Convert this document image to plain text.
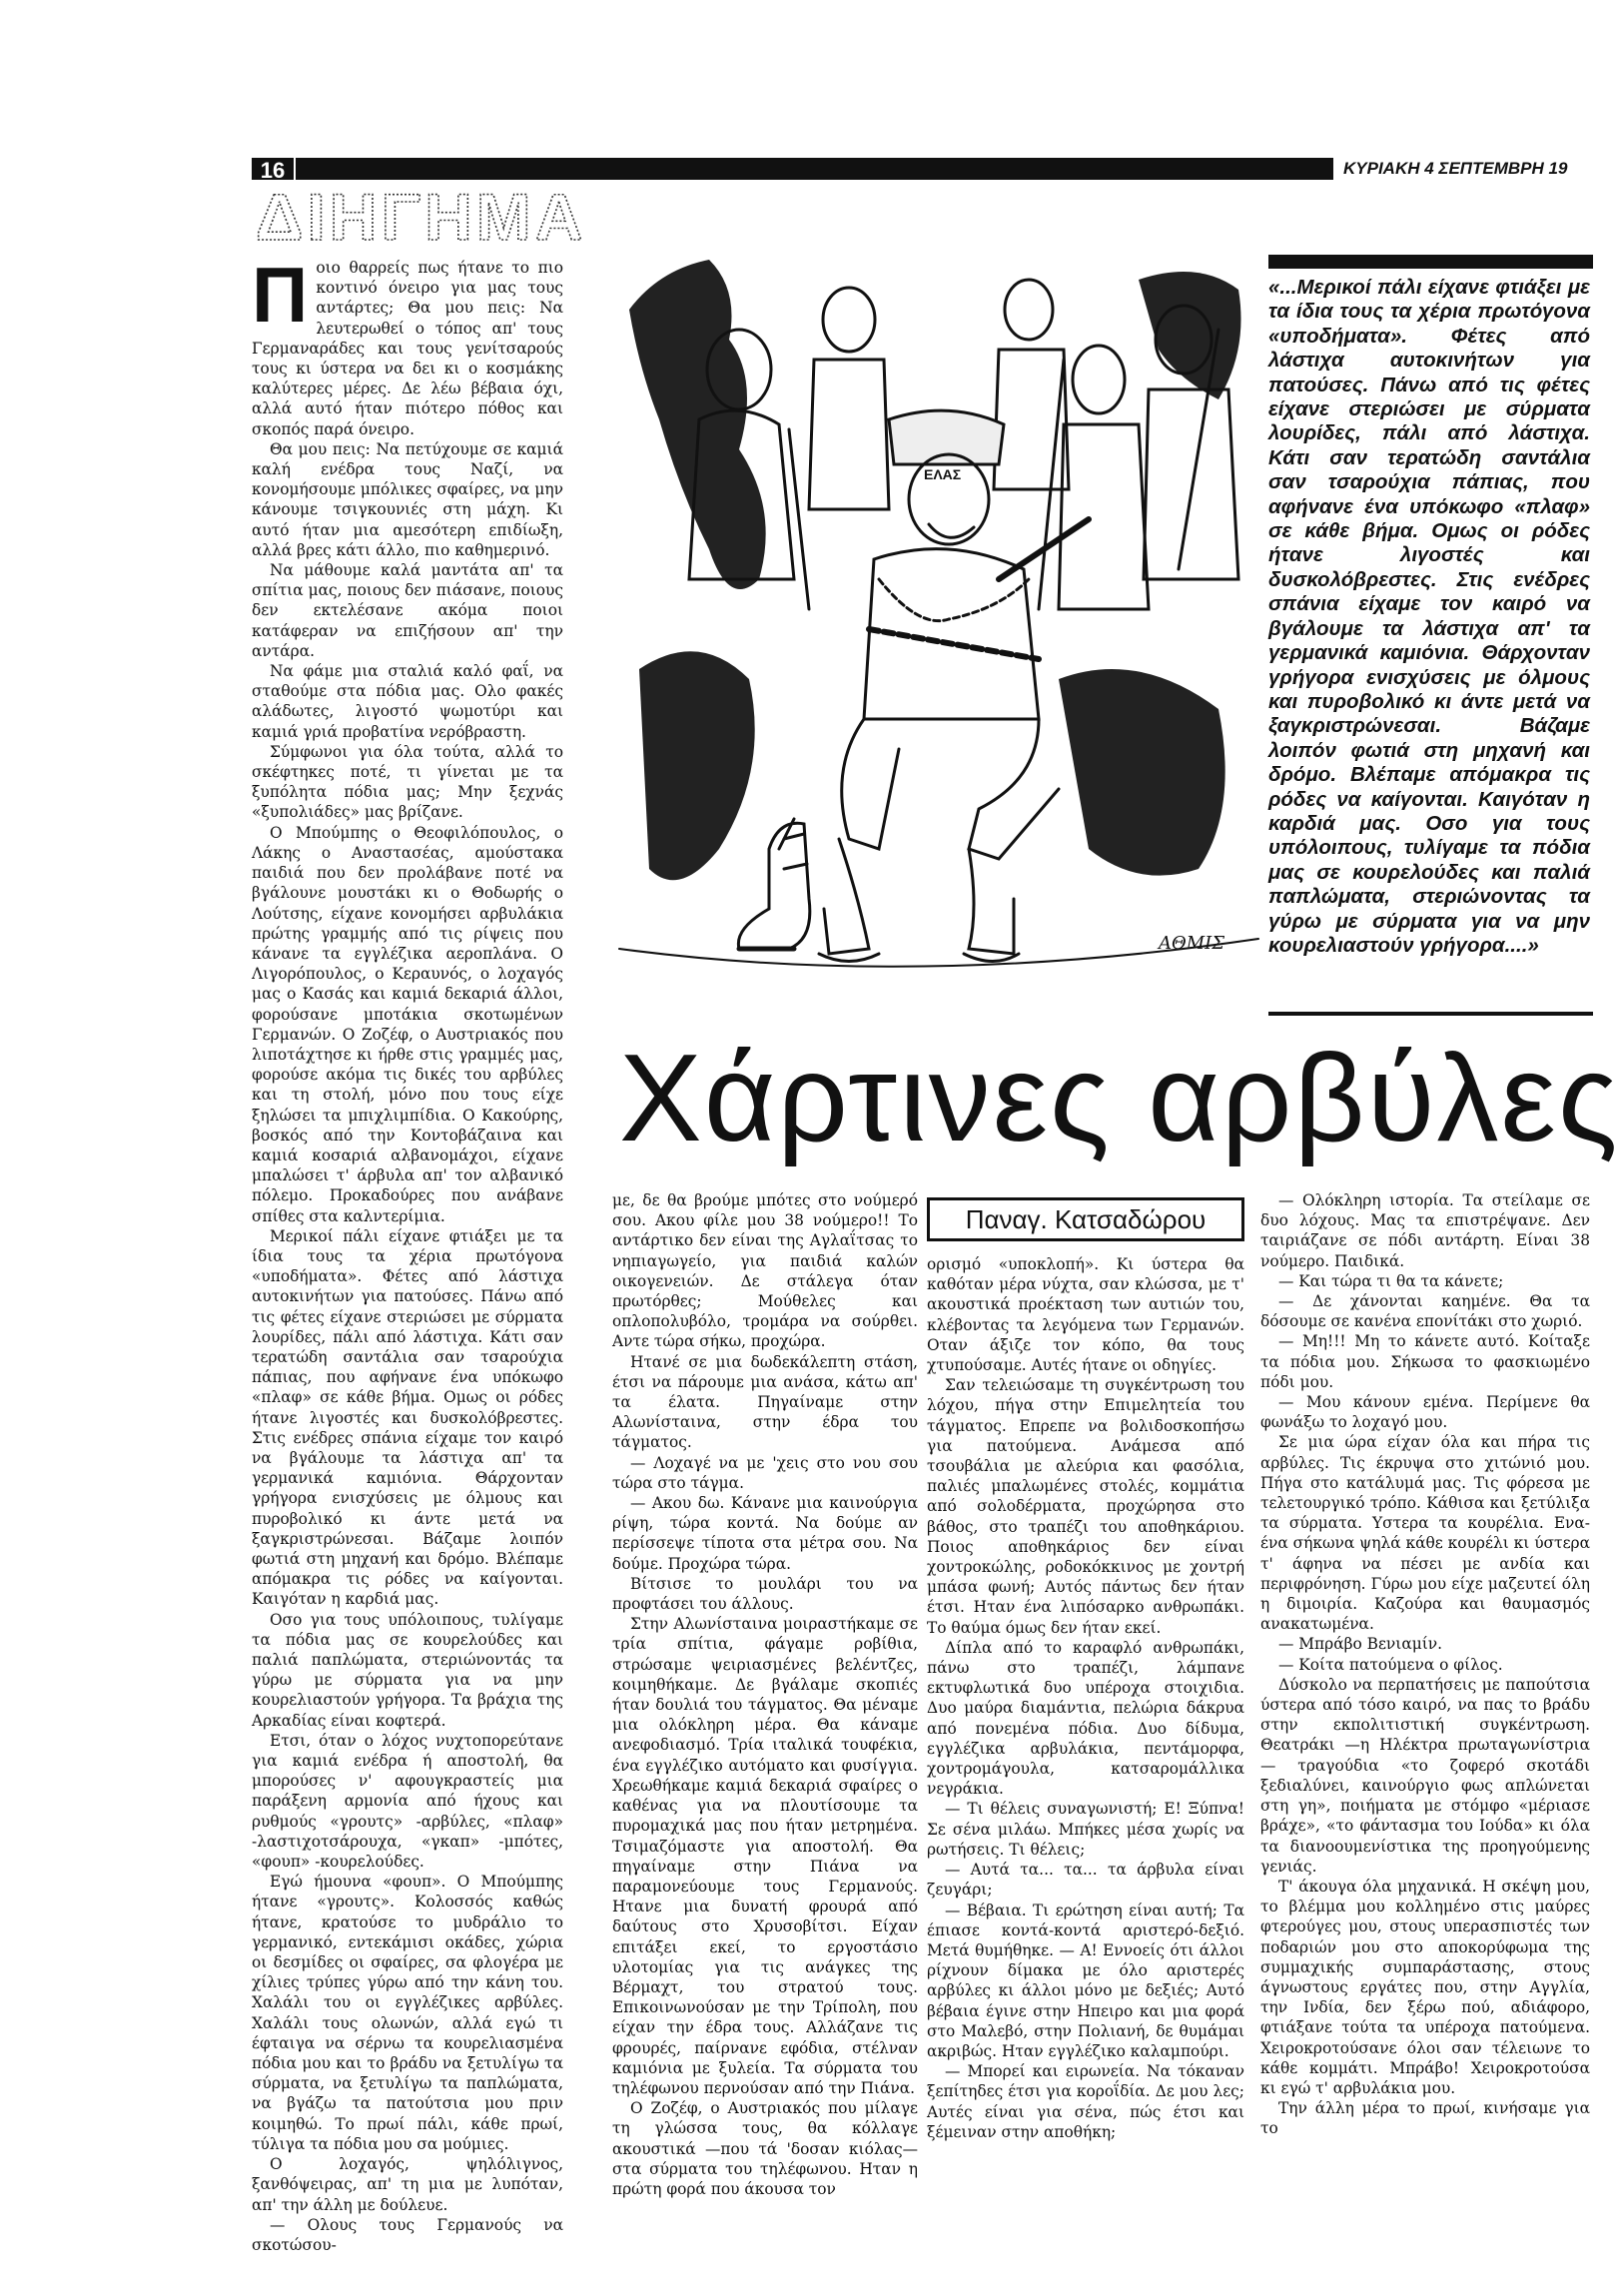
16	ΚΥΡΙΑΚΗ 4 ΣΕΠΤΕΜΒΡΗ 19
ΔΙΗΓΗΜΑ
Π οιο θαρρείς πως ήτανε το πιο κοντινό όνειρο για μας τους αντάρτες; Θα μου πεις: Να λευτερωθεί ο τόπος απ' τους Γερμαναράδες και τους γενίτσαρούς τους κι ύστερα να δει κι ο κοσμάκης καλύτερες μέρες. Δε λέω βέβαια όχι, αλλά αυτό ήταν πιότερο πόθος και σκοπός παρά όνειρο.

Θα μου πεις: Να πετύχουμε σε καμιά καλή ενέδρα τους Ναζί, να κονομήσουμε μπόλικες σφαίρες, να μην κάνουμε τσιγκουνιές στη μάχη. Κι αυτό ήταν μια αμεσότερη επιδίωξη, αλλά βρες κάτι άλλο, πιο καθημερινό.

Να μάθουμε καλά μαντάτα απ' τα σπίτια μας, ποιους δεν πιάσανε, ποιους δεν εκτελέσανε ακόμα ποιοι κατάφεραν να επιζήσουν απ' την αντάρα.

Να φάμε μια σταλιά καλό φαΐ, να σταθούμε στα πόδια μας. Ολο φακές αλάδωτες, λιγοστό ψωμοτύρι και καμιά γριά προβατίνα νερόβραστη.

Σύμφωνοι για όλα τούτα, αλλά το σκέφτηκες ποτέ, τι γίνεται με τα ξυπόλητα πόδια μας; Μην ξεχνάς «ξυπολιάδες» μας βρίζανε.

Ο Μπούμπης ο Θεοφιλόπουλος, ο Λάκης ο Αναστασέας, αμούστακα παιδιά που δεν προλάβανε ποτέ να βγάλουνε μουστάκι κι ο Θοδωρής ο Λούτσης, είχανε κονομήσει αρβυλάκια πρώτης γραμμής από τις ρίψεις που κάνανε τα εγγλέζικα αεροπλάνα. Ο Λιγορόπουλος, ο Κεραυνός, ο λοχαγός μας ο Κασάς και καμιά δεκαριά άλλοι, φορούσανε μποτάκια σκοτωμένων Γερμανών. Ο Ζοζέφ, ο Αυστριακός που λιποτάχτησε κι ήρθε στις γραμμές μας, φορούσε ακόμα τις δικές του αρβύλες και τη στολή, μόνο που τους είχε ξηλώσει τα μπιχλιμπίδια. Ο Κακούρης, βοσκός από την Κοντοβάζαινα και καμιά κοσαριά αλβανομάχοι, είχανε μπαλώσει τ' άρβυλα απ' τον αλβανικό πόλεμο. Προκαδούρες που ανάβανε σπίθες στα καλντερίμια.

Μερικοί πάλι είχανε φτιάξει με τα ίδια τους τα χέρια πρωτόγονα «υποδήματα». Φέτες από λάστιχα αυτοκινήτων για πατούσες. Πάνω από τις φέτες είχανε στεριώσει με σύρματα λουρίδες, πάλι από λάστιχα. Κάτι σαν τερατώδη σαντάλια σαν τσαρούχια πάπιας, που αφήνανε ένα υπόκωφο «πλαφ» σε κάθε βήμα. Ομως οι ρόδες ήτανε λιγοστές και δυσκολόβρεστες. Στις ενέδρες σπάνια είχαμε τον καιρό να βγάλουμε τα λάστιχα απ' τα γερμανικά καμιόνια. Θάρχονταν γρήγορα ενισχύσεις με όλμους και πυροβολικό κι άντε μετά να ξαγκριστρώνεσαι. Βάζαμε λοιπόν φωτιά στη μηχανή και δρόμο. Βλέπαμε απόμακρα τις ρόδες να καίγονται. Καιγόταν η καρδιά μας.

Οσο για τους υπόλοιπους, τυλίγαμε τα πόδια μας σε κουρελούδες και παλιά παπλώματα, στεριώνοντάς τα γύρω με σύρματα για να μην κουρελιαστούν γρήγορα. Τα βράχια της Αρκαδίας είναι κοφτερά.

Ετσι, όταν ο λόχος νυχτοπορεύτανε για καμιά ενέδρα ή αποστολή, θα μπορούσες ν' αφουγκραστείς μια παράξενη αρμονία από ήχους και ρυθμούς «γρουτς» -αρβύλες, «πλαφ» -λαστιχοτσάρουχα, «γκαπ» -μπότες, «φουπ» -κουρελούδες.

Εγώ ήμουνα «φουπ». Ο Μπούμπης ήτανε «γρουτς». Κολοσσός καθώς ήτανε, κρατούσε το μυδράλιο το γερμανικό, εντεκάμισι οκάδες, χώρια οι δεσμίδες οι σφαίρες, σα φλογέρα με χίλιες τρύπες γύρω από την κάνη του. Χαλάλι του οι εγγλέζικες αρβύλες. Χαλάλι τους ολωνών, αλλά εγώ τι έφταιγα να σέρνω τα κουρελιασμένα πόδια μου και το βράδυ να ξετυλίγω τα σύρματα, να ξετυλίγω τα παπλώματα, να βγάζω τα πατούτσια μου πριν κοιμηθώ. Το πρωί πάλι, κάθε πρωί, τύλιγα τα πόδια μου σα μούμιες.

Ο λοχαγός, ψηλόλιγνος, ξανθόψειρας, απ' τη μια με λυπόταν, απ' την άλλη με δούλευε.

— Ολους τους Γερμανούς να σκοτώσου-

ΕΛΑΣ
ΑΘΜΙΣ
«...Μερικοί πάλι είχανε φτιάξει με τα ίδια τους τα χέρια πρωτόγονα «υποδήματα». Φέτες από λάστιχα αυτοκινήτων για πατούσες. Πάνω από τις φέτες είχανε στεριώσει με σύρματα λουρίδες, πάλι από λάστιχα. Κάτι σαν τερατώδη σαντάλια σαν τσαρούχια πάπιας, που αφήνανε ένα υπόκωφο «πλαφ» σε κάθε βήμα. Ομως οι ρόδες ήτανε λιγοστές και δυσκολόβρεστες. Στις ενέδρες σπάνια είχαμε τον καιρό να βγάλουμε τα λάστιχα απ' τα γερμανικά καμιόνια. Θάρχονταν γρήγορα ενισχύσεις με όλμους και πυροβολικό κι άντε μετά να ξαγκριστρώνεσαι. Βάζαμε λοιπόν φωτιά στη μηχανή και δρόμο. Βλέπαμε απόμακρα τις ρόδες να καίγονται. Καιγόταν η καρδιά μας. Οσο για τους υπόλοιπους, τυλίγαμε τα πόδια μας σε κουρελούδες και παλιά παπλώματα, στεριώνοντας τα γύρω με σύρματα για να μην κουρελιαστούν γρήγορα....»
Χάρτινες αρβύλες
Παναγ. Κατσαδώρου

με, δε θα βρούμε μπότες στο νούμερό σου. Ακου φίλε μου 38 νούμερο!! Το αντάρτικο δεν είναι της Αγλαΐτσας το νηπιαγωγείο, για παιδιά καλών οικογενειών. Δε στάλεγα όταν πρωτόρθες; Μούθελες και οπλοπολυβόλο, τρομάρα να σούρθει. Αντε τώρα σήκω, προχώρα.

Ητανέ σε μια δωδεκάλεπτη στάση, έτσι να πάρουμε μια ανάσα, κάτω απ' τα έλατα. Πηγαίναμε στην Αλωνίσταινα, στην έδρα του τάγματος.

— Λοχαγέ να με 'χεις στο νου σου τώρα στο τάγμα.

— Ακου δω. Κάνανε μια καινούργια ρίψη, τώρα κοντά. Να δούμε αν περίσσεψε τίποτα στα μέτρα σου. Να δούμε. Προχώρα τώρα.

Βίτσισε το μουλάρι του να προφτάσει του άλλους.

Στην Αλωνίσταινα μοιραστήκαμε σε τρία σπίτια, φάγαμε ροβίθια, στρώσαμε ψειριασμένες βελέντζες, κοιμηθήκαμε. Δε βγάλαμε σκοπιές ήταν δουλιά του τάγματος. Θα μέναμε μια ολόκληρη μέρα. Θα κάναμε ανεφοδιασμό. Τρία ιταλικά τουφέκια, ένα εγγλέζικο αυτόματο και φυσίγγια. Χρεωθήκαμε καμιά δεκαριά σφαίρες ο καθένας για να πλουτίσουμε τα πυρομαχικά μας που ήταν μετρημένα. Τσιμαζόμαστε για αποστολή. Θα πηγαίναμε στην Πιάνα να παραμονεύουμε τους Γερμανούς. Ητανε μια δυνατή φρουρά από δαύτους στο Χρυσοβίτσι. Είχαν επιτάξει εκεί, το εργοστάσιο υλοτομίας για τις ανάγκες της Βέρμαχτ, του στρατού τους. Επικοινωνούσαν με την Τρίπολη, που είχαν την έδρα τους. Αλλάζανε τις φρουρές, παίρνανε εφόδια, στέλναν καμιόνια με ξυλεία. Τα σύρματα του τηλέφωνου περνούσαν από την Πιάνα.

Ο Ζοζέφ, ο Αυστριακός που μίλαγε τη γλώσσα τους, θα κόλλαγε ακουστικά —που τά 'δοσαν κιόλας— στα σύρματα του τηλέφωνου. Ηταν η πρώτη φορά που άκουσα τον

ορισμό «υποκλοπή». Κι ύστερα θα καθόταν μέρα νύχτα, σαν κλώσσα, με τ' ακουστικά προέκταση των αυτιών του, κλέβοντας τα λεγόμενα των Γερμανών. Οταν άξιζε τον κόπο, θα τους χτυπούσαμε. Αυτές ήτανε οι οδηγίες.

Σαν τελειώσαμε τη συγκέντρωση του λόχου, πήγα στην Επιμελητεία του τάγματος. Επρεπε να βολιδοσκοπήσω για πατούμενα. Ανάμεσα από τσουβάλια με αλεύρια και φασόλια, παλιές μπαλωμένες στολές, κομμάτια από σολοδέρματα, προχώρησα στο βάθος, στο τραπέζι του αποθηκάριου. Ποιος αποθηκάριος δεν είναι χοντροκώλης, ροδοκόκκινος με χοντρή μπάσα φωνή; Αυτός πάντως δεν ήταν έτσι. Ηταν ένα λιπόσαρκο ανθρωπάκι. Το θαύμα όμως δεν ήταν εκεί.

Δίπλα από το καραφλό ανθρωπάκι, πάνω στο τραπέζι, λάμπανε εκτυφλωτικά δυο υπέροχα στοιχιδια. Δυο μαύρα διαμάντια, πελώρια δάκρυα από πονεμένα πόδια. Δυο δίδυμα, εγγλέζικα αρβυλάκια, πεντάμορφα, χοντρομάγουλα, κατσαρομάλλικα νεγράκια.

— Τι θέλεις συναγωνιστή; Ε! Ξύπνα! Σε σένα μιλάω. Μπήκες μέσα χωρίς να ρωτήσεις. Τι θέλεις;

— Αυτά τα... τα... τα άρβυλα είναι ζευγάρι;

— Βέβαια. Τι ερώτηση είναι αυτή; Τα έπιασε κοντά-κοντά αριστερό-δεξιό. Μετά θυμήθηκε. — Α! Εννοείς ότι άλλοι ρίχνουν δίμακα με όλο αριστερές αρβύλες κι άλλοι μόνο με δεξιές; Αυτό βέβαια έγινε στην Ηπειρο και μια φορά στο Μαλεβό, στην Πολιανή, δε θυμάμαι ακριβώς. Ηταν εγγλέζικο καλαμπούρι.

— Μπορεί και ειρωνεία. Να τόκαναν ξεπίτηδες έτσι για κοροΐδία. Δε μου λες; Αυτές είναι για σένα, πώς έτσι και ξέμειναν στην αποθήκη;

— Ολόκληρη ιστορία. Τα στείλαμε σε δυο λόχους. Μας τα επιστρέψανε. Δεν ταιριάζανε σε πόδι αντάρτη. Είναι 38 νούμερο. Παιδικά.

— Και τώρα τι θα τα κάνετε;

— Δε χάνονται καημένε. Θα τα δόσουμε σε κανένα επονίτάκι στο χωριό.

— Μη!!! Μη το κάνετε αυτό. Κοίταξε τα πόδια μου. Σήκωσα το φασκιωμένο πόδι μου.

— Μου κάνουν εμένα. Περίμενε θα φωνάξω το λοχαγό μου.

Σε μια ώρα είχαν όλα και πήρα τις αρβύλες. Τις έκρυψα στο χιτώνιό μου. Πήγα στο κατάλυμά μας. Τις φόρεσα με τελετουργικό τρόπο. Κάθισα και ξετύλιξα τα σύρματα. Υστερα τα κουρέλια. Ενα-ένα σήκωνα ψηλά κάθε κουρέλι κι ύστερα τ' άφηνα να πέσει με ανδία και περιφρόνηση. Γύρω μου είχε μαζευτεί όλη η διμοιρία. Καζούρα και θαυμασμός ανακατωμένα.

— Μπράβο Βενιαμίν.

— Κοίτα πατούμενα ο φίλος.

Δύσκολο να περπατήσεις με παπούτσια ύστερα από τόσο καιρό, να πας το βράδυ στην εκπολιτιστική συγκέντρωση. Θεατράκι —η Ηλέκτρα πρωταγωνίστρια— τραγούδια «το ζοφερό σκοτάδι ξεδιαλύνει, καινούργιο φως απλώνεται στη γη», ποιήματα με στόμφο «μέριασε βράχε», «το φάντασμα του Ιούδα» κι όλα τα διανοουμενίστικα της προηγούμενης γενιάς.

Τ' άκουγα όλα μηχανικά. Η σκέψη μου, το βλέμμα μου κολλημένο στις μαύρες φτερούγες μου, στους υπερασπιστές των ποδαριών μου στο αποκορύφωμα της συμμαχικής συμπαράστασης, στους άγνωστους εργάτες που, στην Αγγλία, την Ινδία, δεν ξέρω πού, αδιάφορο, φτιάξανε τούτα τα υπέροχα πατούμενα. Χειροκροτούσανε όλοι σαν τέλειωνε το κάθε κομμάτι. Μπράβο! Χειροκροτούσα κι εγώ τ' αρβυλάκια μου.

Την άλλη μέρα το πρωί, κινήσαμε για το
